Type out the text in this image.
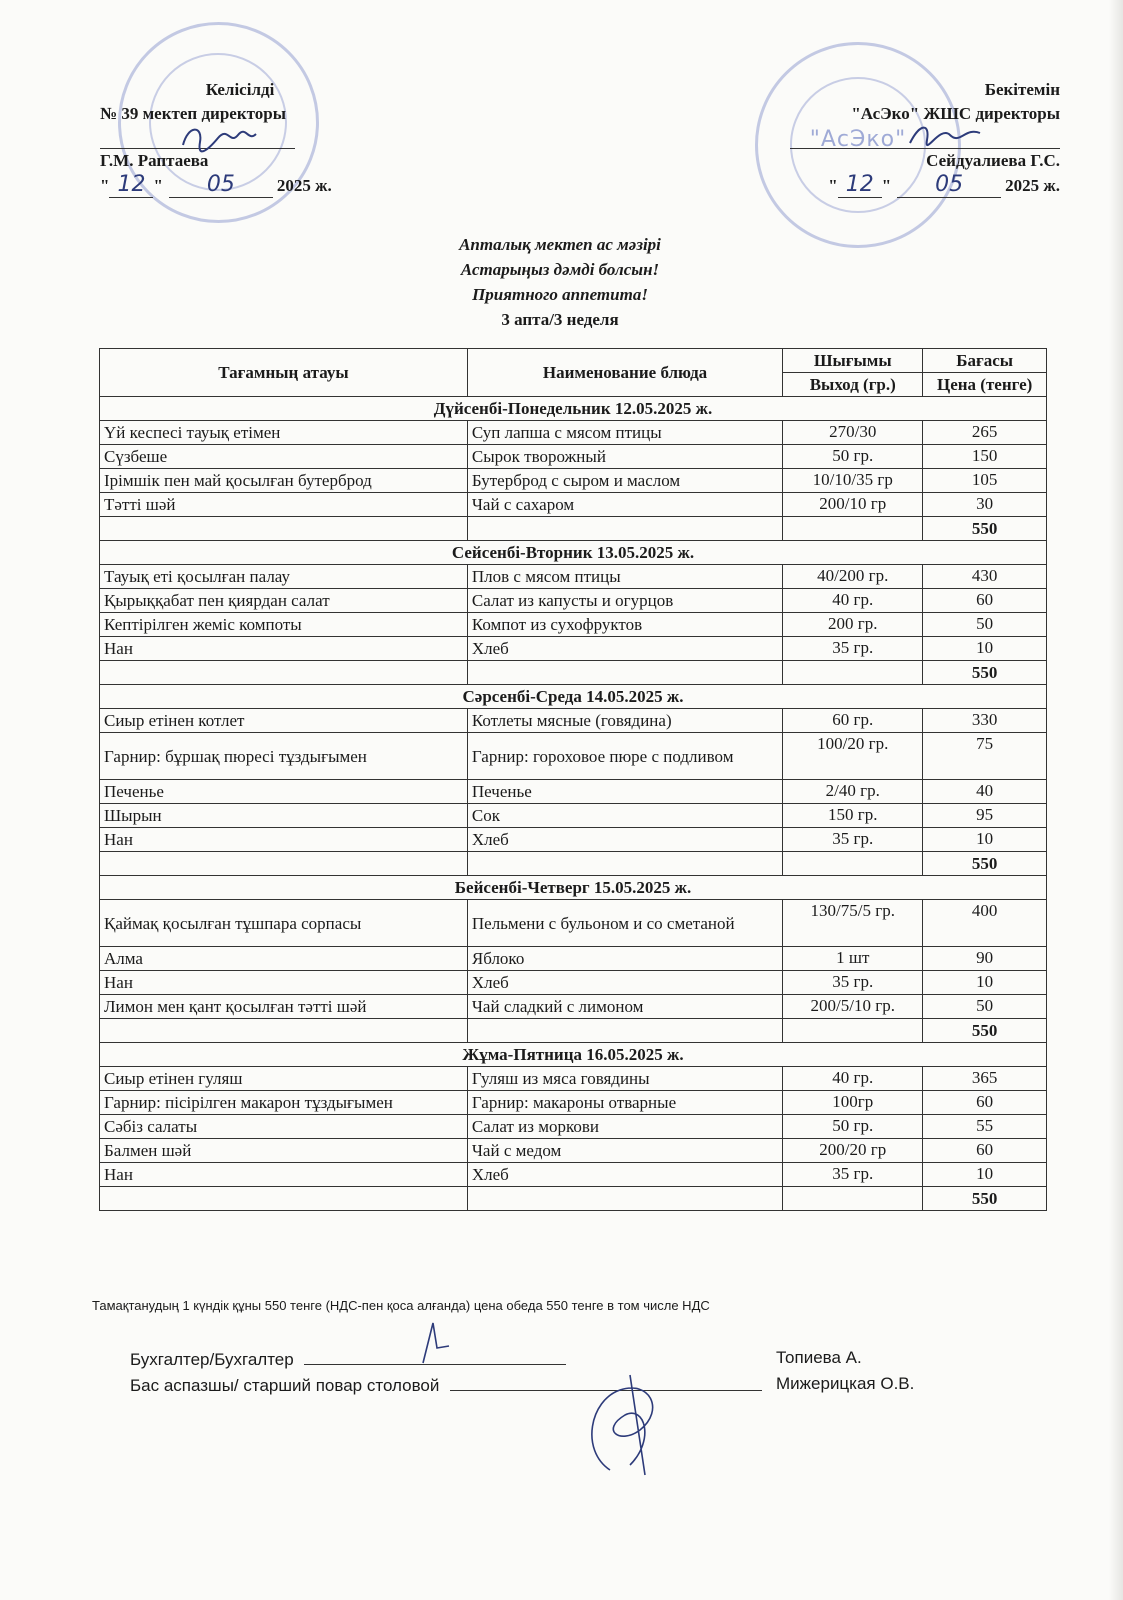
"АсЭко"
Келісілді
№ 39 мектеп директоры
Г.М. Раптаева
" 12 "	05	2025 ж.
Бекітемін
"АсЭко" ЖШС директоры
Сейдуалиева Г.С.
" 12 "	05	2025 ж.
Апталық мектеп ас мәзірі
Астарыңыз дәмді болсын!
Приятного аппетита!
3 апта/3 неделя
Тағамның атауы	Наименование блюда	Шығымы	Бағасы
		Выход (гр.)	Цена (тенге)
Дүйсенбі-Понедельник 12.05.2025 ж.			
Үй кеспесі тауық етімен	Суп лапша с мясом птицы	270/30	265
Сүзбеше	Сырок творожный	50 гр.	150
Ірімшік пен май қосылған бутерброд	Бутерброд с сыром и маслом	10/10/35 гр	105
Тәтті шәй	Чай с сахаром	200/10 гр	30
			550
Сейсенбі-Вторник 13.05.2025 ж.			
Тауық еті қосылған палау	Плов с мясом птицы	40/200 гр.	430
Қырыққабат пен қиярдан салат	Салат из капусты и огурцов	40 гр.	60
Кептірілген жеміс компоты	Компот из сухофруктов	200 гр.	50
Нан	Хлеб	35 гр.	10
			550
Сәрсенбі-Среда 14.05.2025 ж.			
Сиыр етінен котлет	Котлеты мясные (говядина)	60 гр.	330
Гарнир: бұршақ пюресі тұздығымен	Гарнир: гороховое пюре с подливом	100/20 гр.	75
Печенье	Печенье	2/40 гр.	40
Шырын	Сок	150 гр.	95
Нан	Хлеб	35 гр.	10
			550
Бейсенбі-Четверг 15.05.2025 ж.			
Қаймақ қосылған тұшпара сорпасы	Пельмени с бульоном и со сметаной	130/75/5 гр.	400
Алма	Яблоко	1 шт	90
Нан	Хлеб	35 гр.	10
Лимон мен қант қосылған тәтті шәй	Чай сладкий с лимоном	200/5/10 гр.	50
			550
Жұма-Пятница 16.05.2025 ж.			
Сиыр етінен гуляш	Гуляш из мяса говядины	40 гр.	365
Гарнир: пісірілген макарон тұздығымен	Гарнир: макароны отварные	100гр	60
Сәбіз салаты	Салат из моркови	50 гр.	55
Балмен шәй	Чай с медом	200/20 гр	60
Нан	Хлеб	35 гр.	10
			550
Тамақтанудың 1 күндік құны 550 тенге (НДС-пен қоса алғанда) цена обеда 550 тенге в том числе НДС
Бухгалтер/Бухгалтер	Топиева А.
Бас аспазшы/ старший повар столовой	Мижерицкая О.В.
